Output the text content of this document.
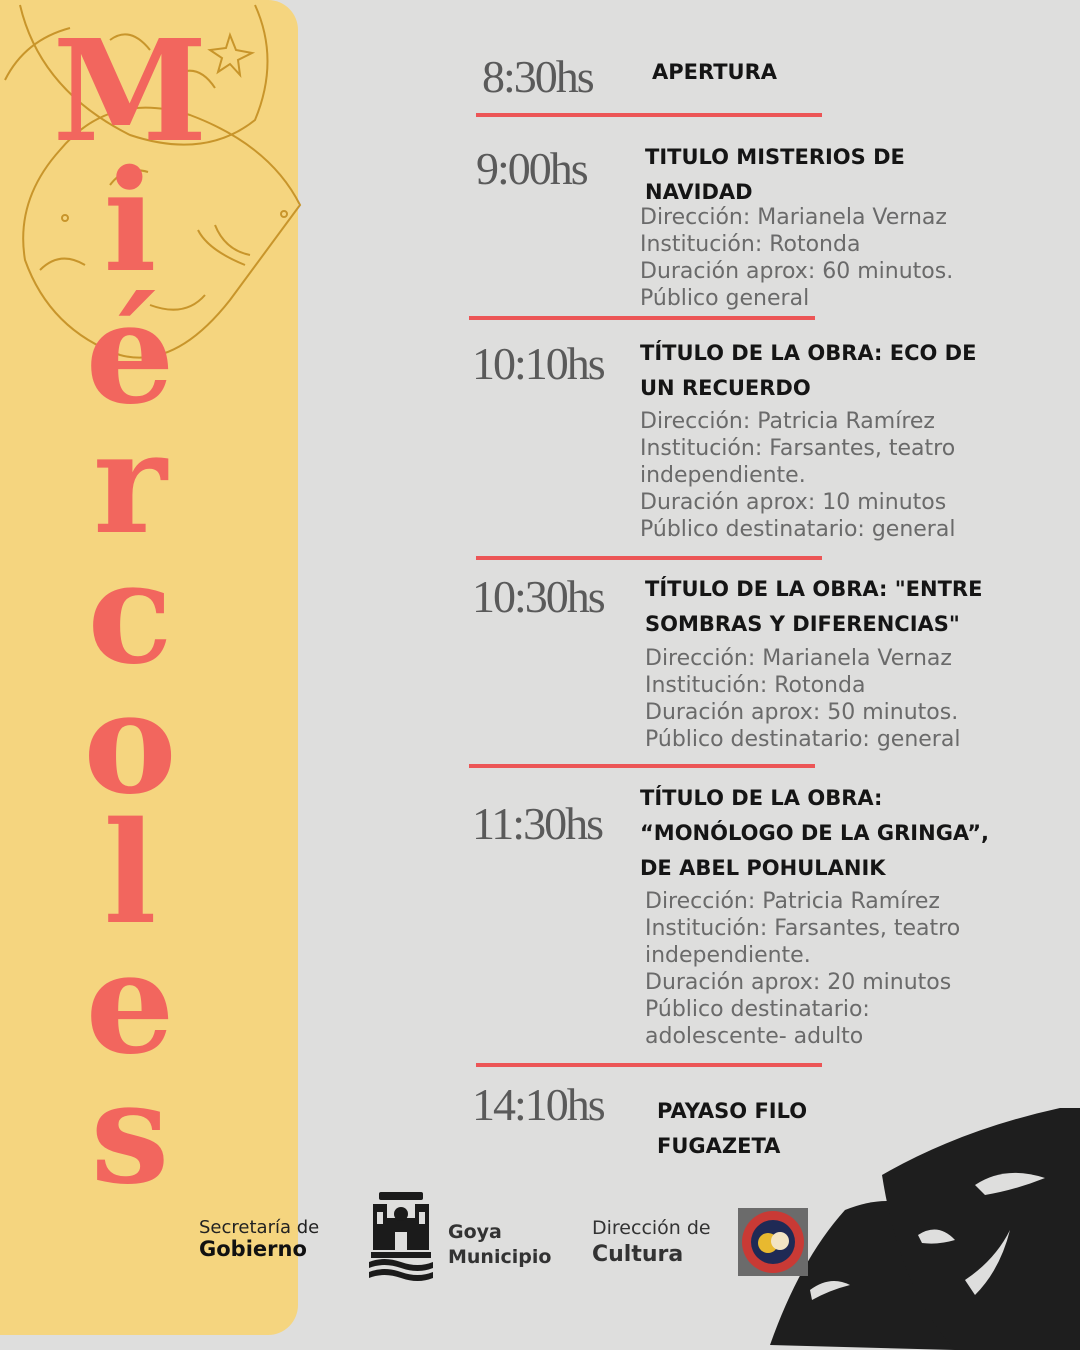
M
i
é
r
c
o
l
e
s
8:30hs	APERTURA
9:00hs	TITULO MISTERIOS DE
NAVIDAD
Dirección: Marianela Vernaz
Institución: Rotonda
Duración aprox: 60 minutos.
Público general
10:10hs TÍTULO DE LA OBRA: ECO DE
UN RECUERDO
Dirección: Patricia Ramírez
Institución: Farsantes, teatro
independiente.
Duración aprox: 10 minutos
Público destinatario: general
10:30hs TÍTULO DE LA OBRA: "ENTRE
SOMBRAS Y DIFERENCIAS"
Dirección: Marianela Vernaz
Institución: Rotonda
Duración aprox: 50 minutos.
Público destinatario: general
11:30hs TÍTULO DE LA OBRA:
“MONÓLOGO DE LA GRINGA”,
DE ABEL POHULANIK
Dirección: Patricia Ramírez
Institución: Farsantes, teatro
independiente.
Duración aprox: 20 minutos
Público destinatario:
adolescente- adulto
14:10hs	PAYASO FILO
FUGAZETA
Secretaría de
Gobierno
Goya
Municipio
Dirección de
Cultura
